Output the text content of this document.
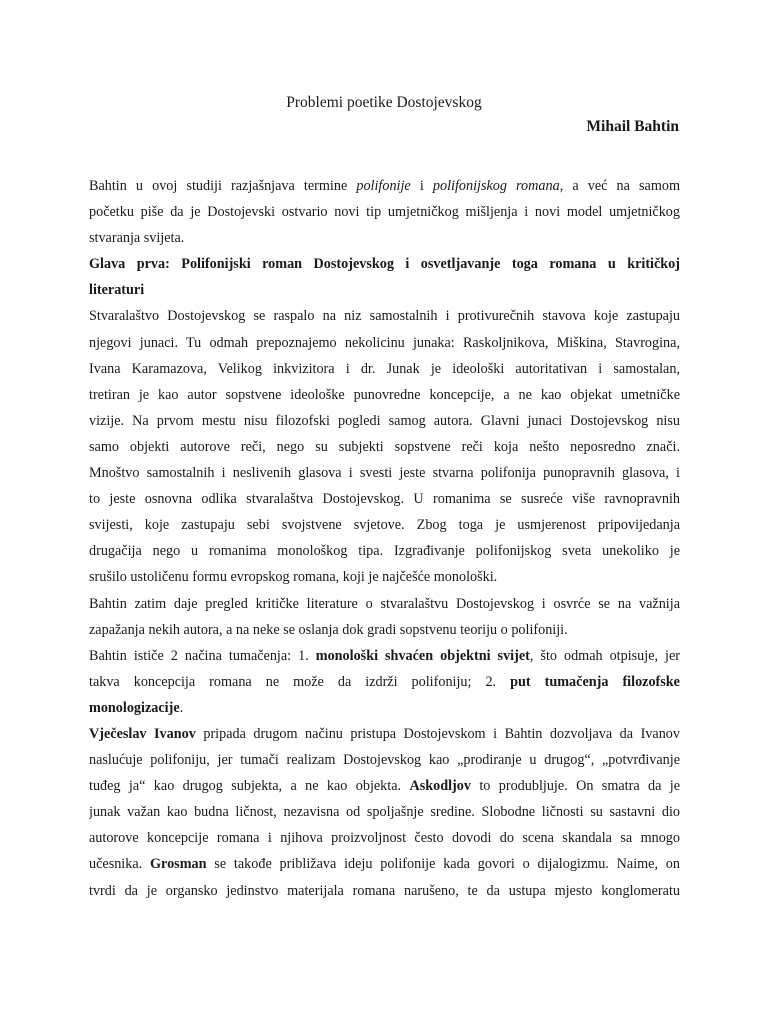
Problemi poetike Dostojevskog
Mihail Bahtin
Bahtin u ovoj studiji razjašnjava termine polifonije i polifonijskog romana, a već na samom
početku piše da je Dostojevski ostvario novi tip umjetničkog mišljenja i novi model umjetničkog
stvaranja svijeta.
Glava prva: Polifonijski roman Dostojevskog i osvetljavanje toga romana u kritičkoj
literaturi
Stvaralaštvo Dostojevskog se raspalo na niz samostalnih i protivurečnih stavova koje zastupaju
njegovi junaci. Tu odmah prepoznajemo nekolicinu junaka: Raskoljnikova, Miškina, Stavrogina,
Ivana Karamazova, Velikog inkvizitora i dr. Junak je ideološki autoritativan i samostalan,
tretiran je kao autor sopstvene ideološke punovredne koncepcije, a ne kao objekat umetničke
vizije. Na prvom mestu nisu filozofski pogledi samog autora. Glavni junaci Dostojevskog nisu
samo objekti autorove reči, nego su subjekti sopstvene reči koja nešto neposredno znači.
Mnoštvo samostalnih i neslivenih glasova i svesti jeste stvarna polifonija punopravnih glasova, i
to jeste osnovna odlika stvaralaštva Dostojevskog. U romanima se susreće više ravnopravnih
svijesti, koje zastupaju sebi svojstvene svjetove. Zbog toga je usmjerenost pripovijedanja
drugačija nego u romanima monološkog tipa. Izgrađivanje polifonijskog sveta unekoliko je
srušilo ustoličenu formu evropskog romana, koji je najčešće monološki.
Bahtin zatim daje pregled kritičke literature o stvaralaštvu Dostojevskog i osvrće se na važnija
zapažanja nekih autora, a na neke se oslanja dok gradi sopstvenu teoriju o polifoniji.
Bahtin ističe 2 načina tumačenja: 1. monološki shvaćen objektni svijet, što odmah otpisuje, jer
takva koncepcija romana ne može da izdrži polifoniju; 2. put tumačenja filozofske
monologizacije.
Vječeslav Ivanov pripada drugom načinu pristupa Dostojevskom i Bahtin dozvoljava da Ivanov
naslućuje polifoniju, jer tumači realizam Dostojevskog kao „prodiranje u drugog“, „potvrđivanje
tuđeg ja“ kao drugog subjekta, a ne kao objekta. Askodljov to produbljuje. On smatra da je
junak važan kao budna ličnost, nezavisna od spoljašnje sredine. Slobodne ličnosti su sastavni dio
autorove koncepcije romana i njihova proizvoljnost često dovodi do scena skandala sa mnogo
učesnika. Grosman se takođe približava ideju polifonije kada govori o dijalogizmu. Naime, on
tvrdi da je organsko jedinstvo materijala romana narušeno, te da ustupa mjesto konglomeratu
